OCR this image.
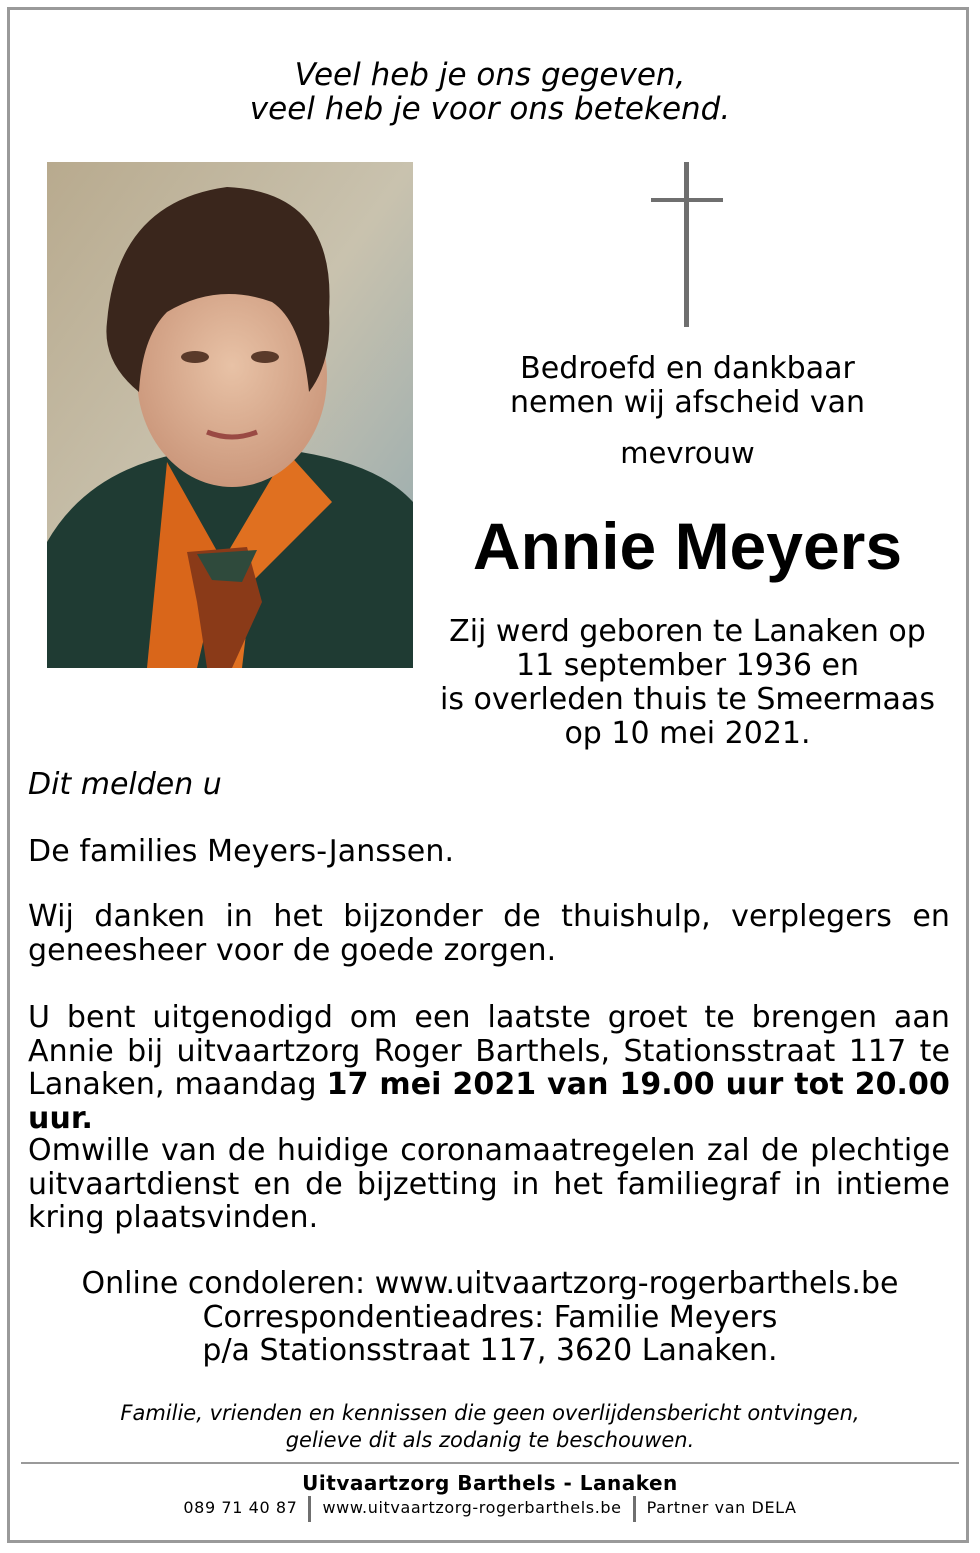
Veel heb je ons gegeven,
veel heb je voor ons betekend.
Bedroefd en dankbaar
nemen wij afscheid van
mevrouw
Annie Meyers
Zij werd geboren te Lanaken op
11 september 1936 en
is overleden thuis te Smeermaas
op 10 mei 2021.
Dit melden u
De families Meyers-Janssen.
Wij danken in het bijzonder de thuishulp, verplegers en geneesheer voor de goede zorgen.
U bent uitgenodigd om een laatste groet te brengen aan Annie bij uitvaartzorg Roger Barthels, Stationsstraat 117 te Lanaken, maandag 17 mei 2021 van 19.00 uur tot 20.00 uur.
Omwille van de huidige coronamaatregelen zal de plechtige uitvaartdienst en de bijzetting in het familiegraf in intieme kring plaatsvinden.
Online condoleren: www.uitvaartzorg-rogerbarthels.be
Correspondentieadres: Familie Meyers
p/a Stationsstraat 117, 3620 Lanaken.
Familie, vrienden en kennissen die geen overlijdensbericht ontvingen,
gelieve dit als zodanig te beschouwen.
Uitvaartzorg Barthels - Lanaken
089 71 40 87 www.uitvaartzorg-rogerbarthels.be Partner van DELA
